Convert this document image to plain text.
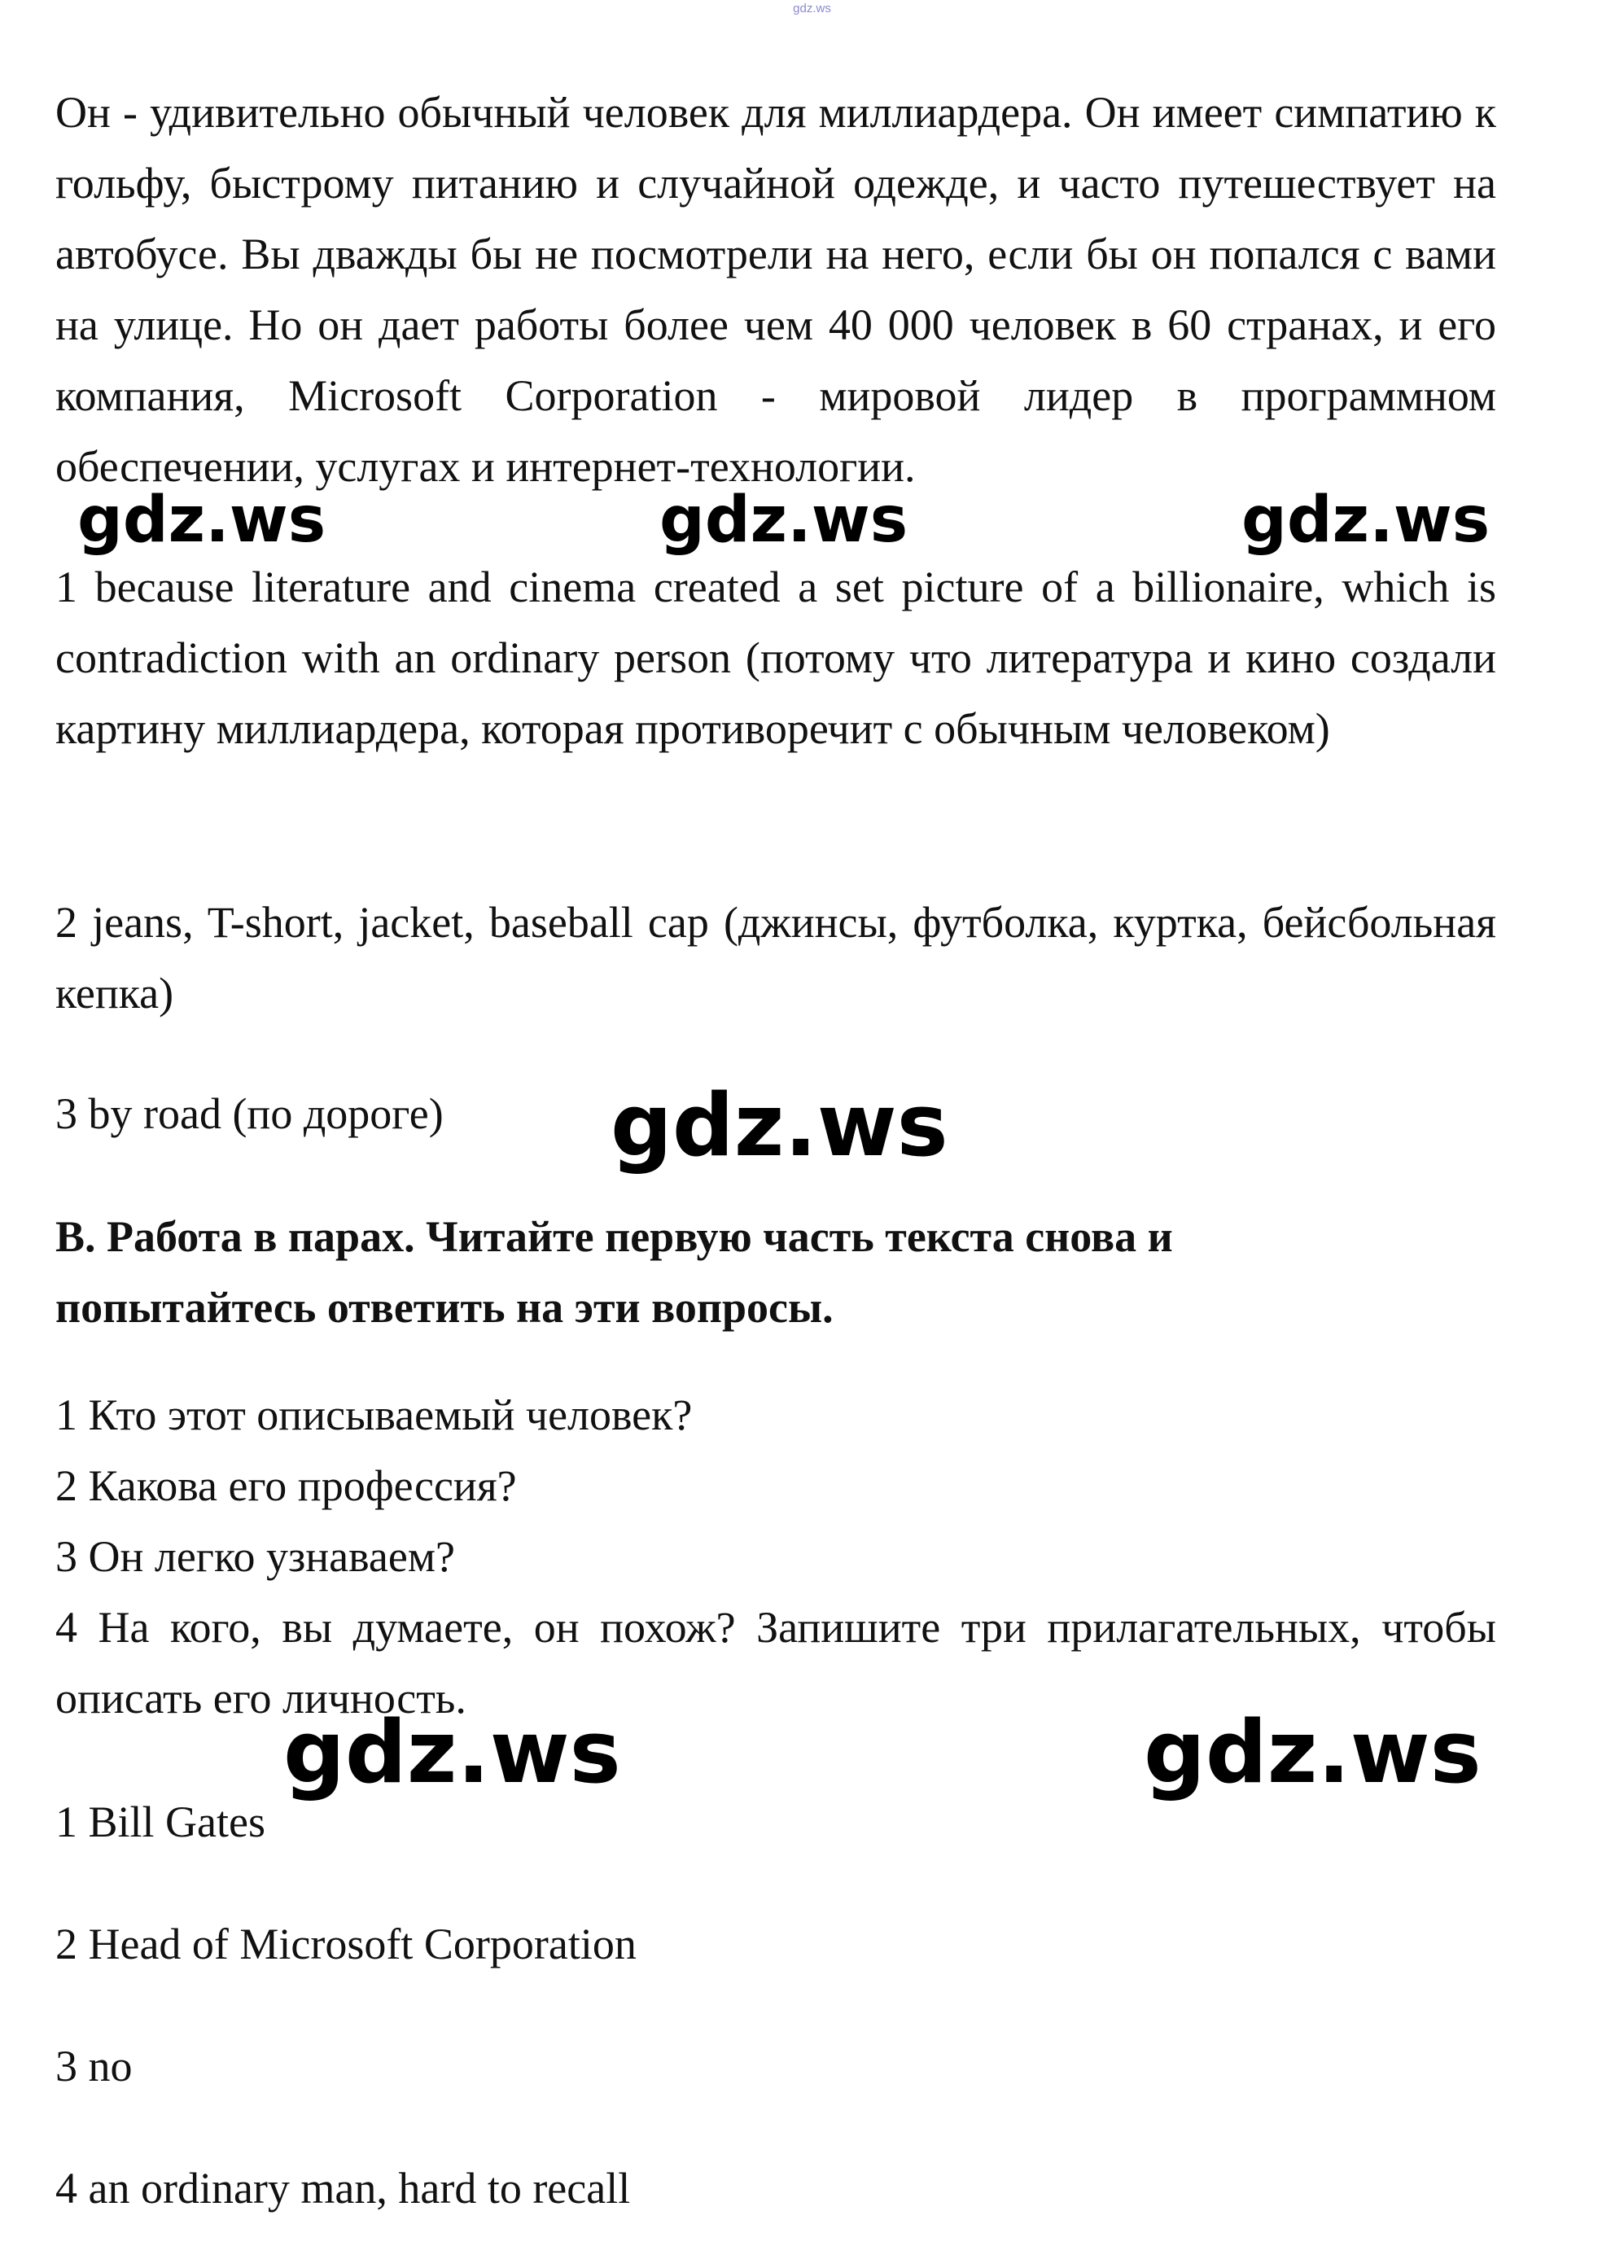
gdz.ws

Он - удивительно обычный человек для миллиардера. Он имеет симпатию к гольфу, быстрому питанию и случайной одежде, и часто путешествует на автобусе. Вы дважды бы не посмотрели на него, если бы он попался с вами на улице. Но он дает работы более чем 40 000 человек в 60 странах, и его компания, Microsoft Corporation - мировой лидер в программном обеспечении, услугах и интернет-технологии.

1 because literature and cinema created a set picture of a billionaire, which is contradiction with an ordinary person (потому что литература и кино создали картину миллиардера, которая противоречит с обычным человеком)

2 jeans, T-short, jacket, baseball cap (джинсы, футболка, куртка, бейсбольная кепка)

3 by road (по дороге)

B. Работа в парах. Читайте первую часть текста снова и

попытайтесь ответить на эти вопросы.

1 Кто этот описываемый человек?

2 Какова его профессия?

3 Он легко узнаваем?

4 На кого, вы думаете, он похож? Запишите три прилагательных, чтобы описать его личность.

1 Bill Gates

2 Head of Microsoft Corporation

3 no

4 an ordinary man, hard to recall

gdz.ws	gdz.ws	gdz.ws
gdz.ws
gdz.ws	gdz.ws
